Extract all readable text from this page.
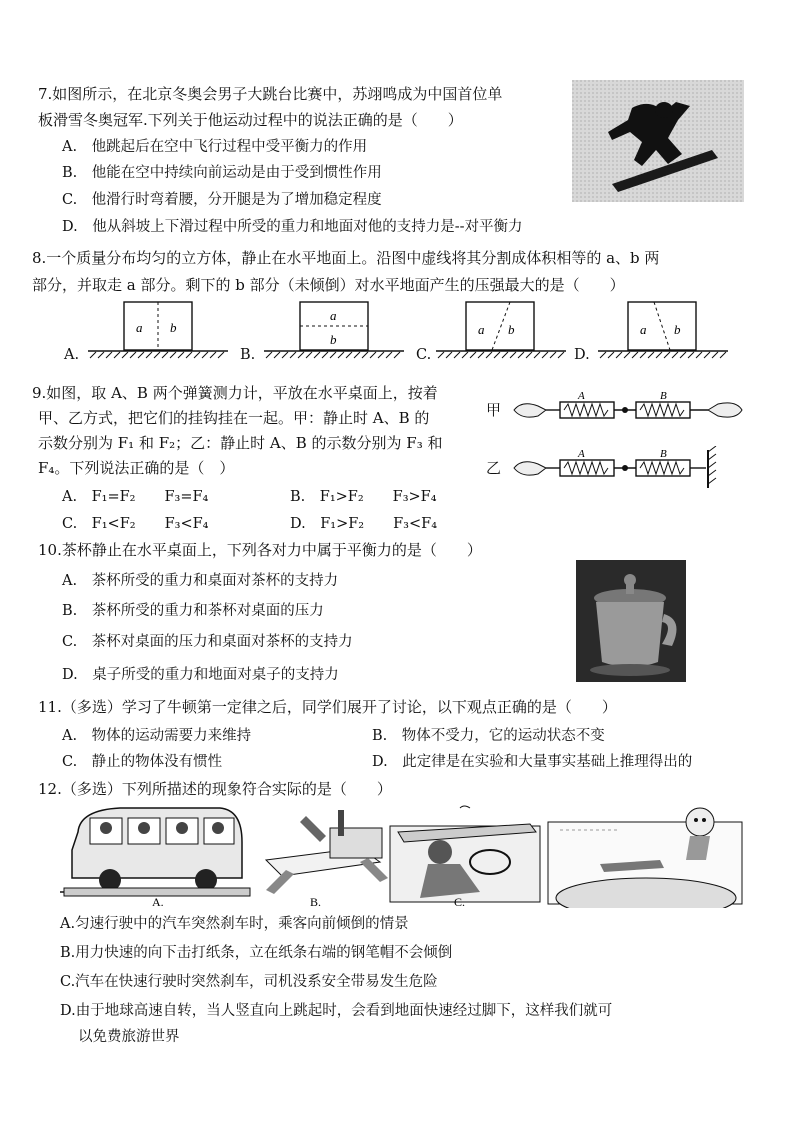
7.如图所示，在北京冬奥会男子大跳台比赛中，苏翊鸣成为中国首位单
板滑雪冬奥冠军.下列关于他运动过程中的说法正确的是（　　）
A.　他跳起后在空中飞行过程中受平衡力的作用
B.　他能在空中持续向前运动是由于受到惯性作用
C.　他滑行时弯着腰，分开腿是为了增加稳定程度
D.　他从斜坡上下滑过程中所受的重力和地面对他的支持力是--对平衡力
8.一个质量分布均匀的立方体，静止在水平地面上。沿图中虚线将其分割成体积相等的 a、b 两
部分，并取走 a 部分。剩下的 b 部分（未倾倒）对水平地面产生的压强最大的是（　　）
A.
a b
B.
a
b
C.
a b
D.
a b
9.如图，取 A、B 两个弹簧测力计，平放在水平桌面上，按着
甲、乙方式，把它们的挂钩挂在一起。甲：静止时 A、B 的
示数分别为 F₁ 和 F₂；乙：静止时 A、B 的示数分别为 F₃ 和
F₄。下列说法正确的是（　）
A.　F₁=F₂　　F₃=F₄	B.　F₁>F₂　　F₃>F₄
C.　F₁<F₂　　F₃<F₄	D.　F₁>F₂　　F₃<F₄
甲
A	B
乙
A	B
10.茶杯静止在水平桌面上，下列各对力中属于平衡力的是（　　）
A.　茶杯所受的重力和桌面对茶杯的支持力
B.　茶杯所受的重力和茶杯对桌面的压力
C.　茶杯对桌面的压力和桌面对茶杯的支持力
D.　桌子所受的重力和地面对桌子的支持力
11.（多选）学习了牛顿第一定律之后，同学们展开了讨论，以下观点正确的是（　　）
A.　物体的运动需要力来维持	B.　物体不受力，它的运动状态不变
C.　静止的物体没有惯性	D.　此定律是在实验和大量事实基础上推理得出的
12.（多选）下列所描述的现象符合实际的是（　　）
A.	B.	C.
A.匀速行驶中的汽车突然刹车时，乘客向前倾倒的情景
B.用力快速的向下击打纸条，立在纸条右端的钢笔帽不会倾倒
C.汽车在快速行驶时突然刹车，司机没系安全带易发生危险
D.由于地球高速自转，当人竖直向上跳起时，会看到地面快速经过脚下，这样我们就可
以免费旅游世界
